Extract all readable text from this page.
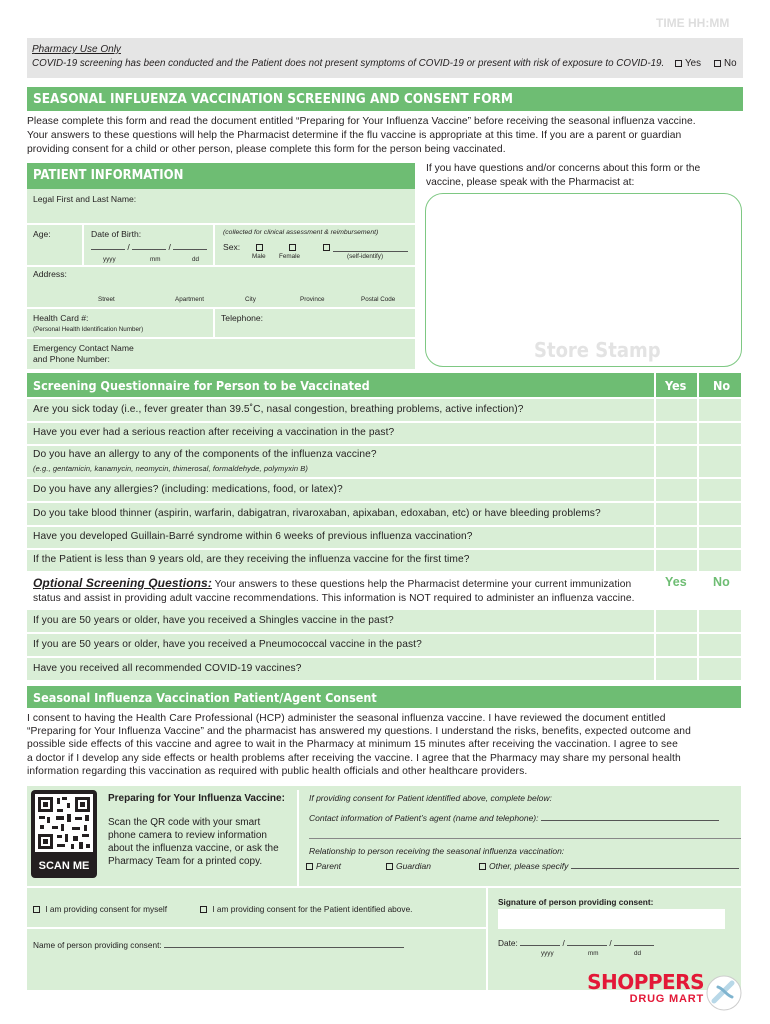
TIME HH:MM
Pharmacy Use Only
COVID-19 screening has been conducted and the Patient does not present symptoms of COVID-19 or present with risk of exposure to COVID-19.	Yes	No
SEASONAL INFLUENZA VACCINATION SCREENING AND CONSENT FORM
Please complete this form and read the document entitled “Preparing for Your Influenza Vaccine” before receiving the seasonal influenza vaccine.
Your answers to these questions will help the Pharmacist determine if the flu vaccine is appropriate at this time. If you are a parent or guardian
providing consent for a child or other person, please complete this form for the person being vaccinated.
If you have questions and/or concerns about this form or the
vaccine, please speak with the Pharmacist at:
Store Stamp
PATIENT INFORMATION
Legal First and Last Name:
Age:	Date of Birth:
/	/
yyyy	mm	dd
(collected for clinical assessment & reimbursement)
Sex:
Male Female	(self-identify)
Address:
Street	Apartment	City	Province	Postal Code
Health Card #:
(Personal Health Identification Number)
Telephone:
Emergency Contact Name
and Phone Number:
Screening Questionnaire for Person to be Vaccinated	Yes No
Are you sick today (i.e., fever greater than 39.5˚C, nasal congestion, breathing problems, active infection)?
Have you ever had a serious reaction after receiving a vaccination in the past?
Do you have an allergy to any of the components of the influenza vaccine?
(e.g., gentamicin, kanamycin, neomycin, thimerosal, formaldehyde, polymyxin B)
Do you have any allergies? (including: medications, food, or latex)?
Do you take blood thinner (aspirin, warfarin, dabigatran, rivaroxaban, apixaban, edoxaban, etc) or have bleeding problems?
Have you developed Guillain-Barré syndrome within 6 weeks of previous influenza vaccination?
If the Patient is less than 9 years old, are they receiving the influenza vaccine for the first time?
Optional Screening Questions: Your answers to these questions help the Pharmacist determine your current immunization
status and assist in providing adult vaccine recommendations. This information is NOT required to administer an influenza vaccine.
Yes No
If you are 50 years or older, have you received a Shingles vaccine in the past?
If you are 50 years or older, have you received a Pneumococcal vaccine in the past?
Have you received all recommended COVID-19 vaccines?
Seasonal Influenza Vaccination Patient/Agent Consent
I consent to having the Health Care Professional (HCP) administer the seasonal influenza vaccine. I have reviewed the document entitled
“Preparing for Your Influenza Vaccine” and the pharmacist has answered my questions. I understand the risks, benefits, expected outcome and
possible side effects of this vaccine and agree to wait in the Pharmacy at minimum 15 minutes after receiving the vaccination. I agree to see
a doctor if I develop any side effects or health problems after receiving the vaccine. I agree that the Pharmacy may share my personal health
information regarding this vaccination as required with public health officials and other healthcare providers.
SCAN ME
Preparing for Your Influenza Vaccine:
Scan the QR code with your smart
phone camera to review information
about the influenza vaccine, or ask the
Pharmacy Team for a printed copy.
If providing consent for Patient identified above, complete below:
Contact information of Patient’s agent (name and telephone):
Relationship to person receiving the seasonal influenza vaccination:
Parent	Guardian	Other, please specify
I am providing consent for myself	I am providing consent for the Patient identified above.
Signature of person providing consent:
Name of person providing consent:	Date:	/	/
yyyy	mm	dd
SHOPPERS
DRUG MART
